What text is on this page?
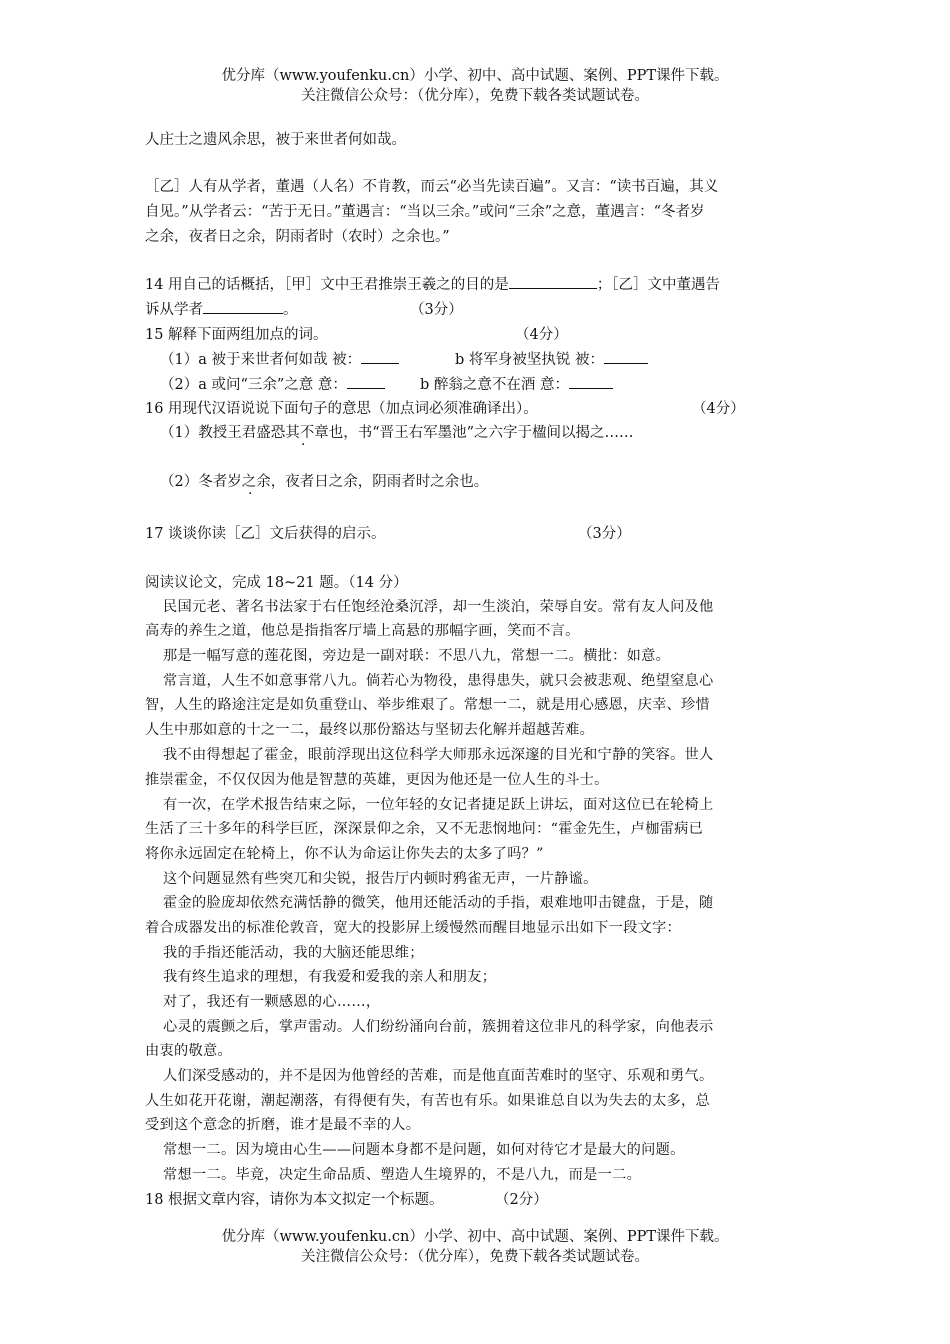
优分库（www.youfenku.cn）小学、初中、高中试题、案例、PPT课件下载。
关注微信公众号：（优分库），免费下载各类试题试卷。
人庄士之遗风余思，被于来世者何如哉。
［乙］人有从学者，董遇（人名）不肯教，而云“必当先读百遍”。又言：“读书百遍，其义
自见。”从学者云：“苦于无日。”董遇言：“当以三余。”或问“三余”之意，董遇言：“冬者岁
之余，夜者日之余，阴雨者时（农时）之余也。”
14 用自己的话概括，［甲］文中王君推崇王羲之的目的是	；［乙］文中董遇告
诉从学者	。	（3分）
15 解释下面两组加点的词。	（4分）
（1）a 被于来世者何如哉 被：	b 将军身被坚执锐 被：
（2）a 或问“三余”之意 意：	b 醉翁之意不在酒 意：
16 用现代汉语说说下面句子的意思（加点词必须准确译出）。	（4分）
（1）教授王君盛恐其不章也，书“晋王右军墨池”之六字于楹间以揭之……
·
（2）冬者岁之余，夜者日之余，阴雨者时之余也。
·
17 谈谈你读［乙］文后获得的启示。	（3分）
阅读议论文，完成 18~21 题。（14 分）
民国元老、著名书法家于右任饱经沧桑沉浮，却一生淡泊，荣辱自安。常有友人问及他
高寿的养生之道，他总是指指客厅墙上高悬的那幅字画，笑而不言。
那是一幅写意的莲花图，旁边是一副对联：不思八九，常想一二。横批：如意。
常言道，人生不如意事常八九。倘若心为物役，患得患失，就只会被悲观、绝望窒息心
智，人生的路途注定是如负重登山、举步维艰了。常想一二，就是用心感恩，庆幸、珍惜
人生中那如意的十之一二，最终以那份豁达与坚韧去化解并超越苦难。
我不由得想起了霍金，眼前浮现出这位科学大师那永远深邃的目光和宁静的笑容。世人
推崇霍金，不仅仅因为他是智慧的英雄，更因为他还是一位人生的斗士。
有一次，在学术报告结束之际，一位年轻的女记者捷足跃上讲坛，面对这位已在轮椅上
生活了三十多年的科学巨匠，深深景仰之余，又不无悲悯地问：“霍金先生，卢枷雷病已
将你永远固定在轮椅上，你不认为命运让你失去的太多了吗？”
这个问题显然有些突兀和尖锐，报告厅内顿时鸦雀无声，一片静谧。
霍金的脸庞却依然充满恬静的微笑，他用还能活动的手指，艰难地叩击键盘，于是，随
着合成器发出的标准伦敦音，宽大的投影屏上缓慢然而醒目地显示出如下一段文字：
我的手指还能活动，我的大脑还能思维；
我有终生追求的理想，有我爱和爱我的亲人和朋友；
对了，我还有一颗感恩的心……，
心灵的震颤之后，掌声雷动。人们纷纷涌向台前，簇拥着这位非凡的科学家，向他表示
由衷的敬意。
人们深受感动的，并不是因为他曾经的苦难，而是他直面苦难时的坚守、乐观和勇气。
人生如花开花谢，潮起潮落，有得便有失，有苦也有乐。如果谁总自以为失去的太多，总
受到这个意念的折磨，谁才是最不幸的人。
常想一二。因为境由心生——问题本身都不是问题，如何对待它才是最大的问题。
常想一二。毕竟，决定生命品质、塑造人生境界的，不是八九，而是一二。
18 根据文章内容，请你为本文拟定一个标题。	（2分）
优分库（www.youfenku.cn）小学、初中、高中试题、案例、PPT课件下载。
关注微信公众号：（优分库），免费下载各类试题试卷。
